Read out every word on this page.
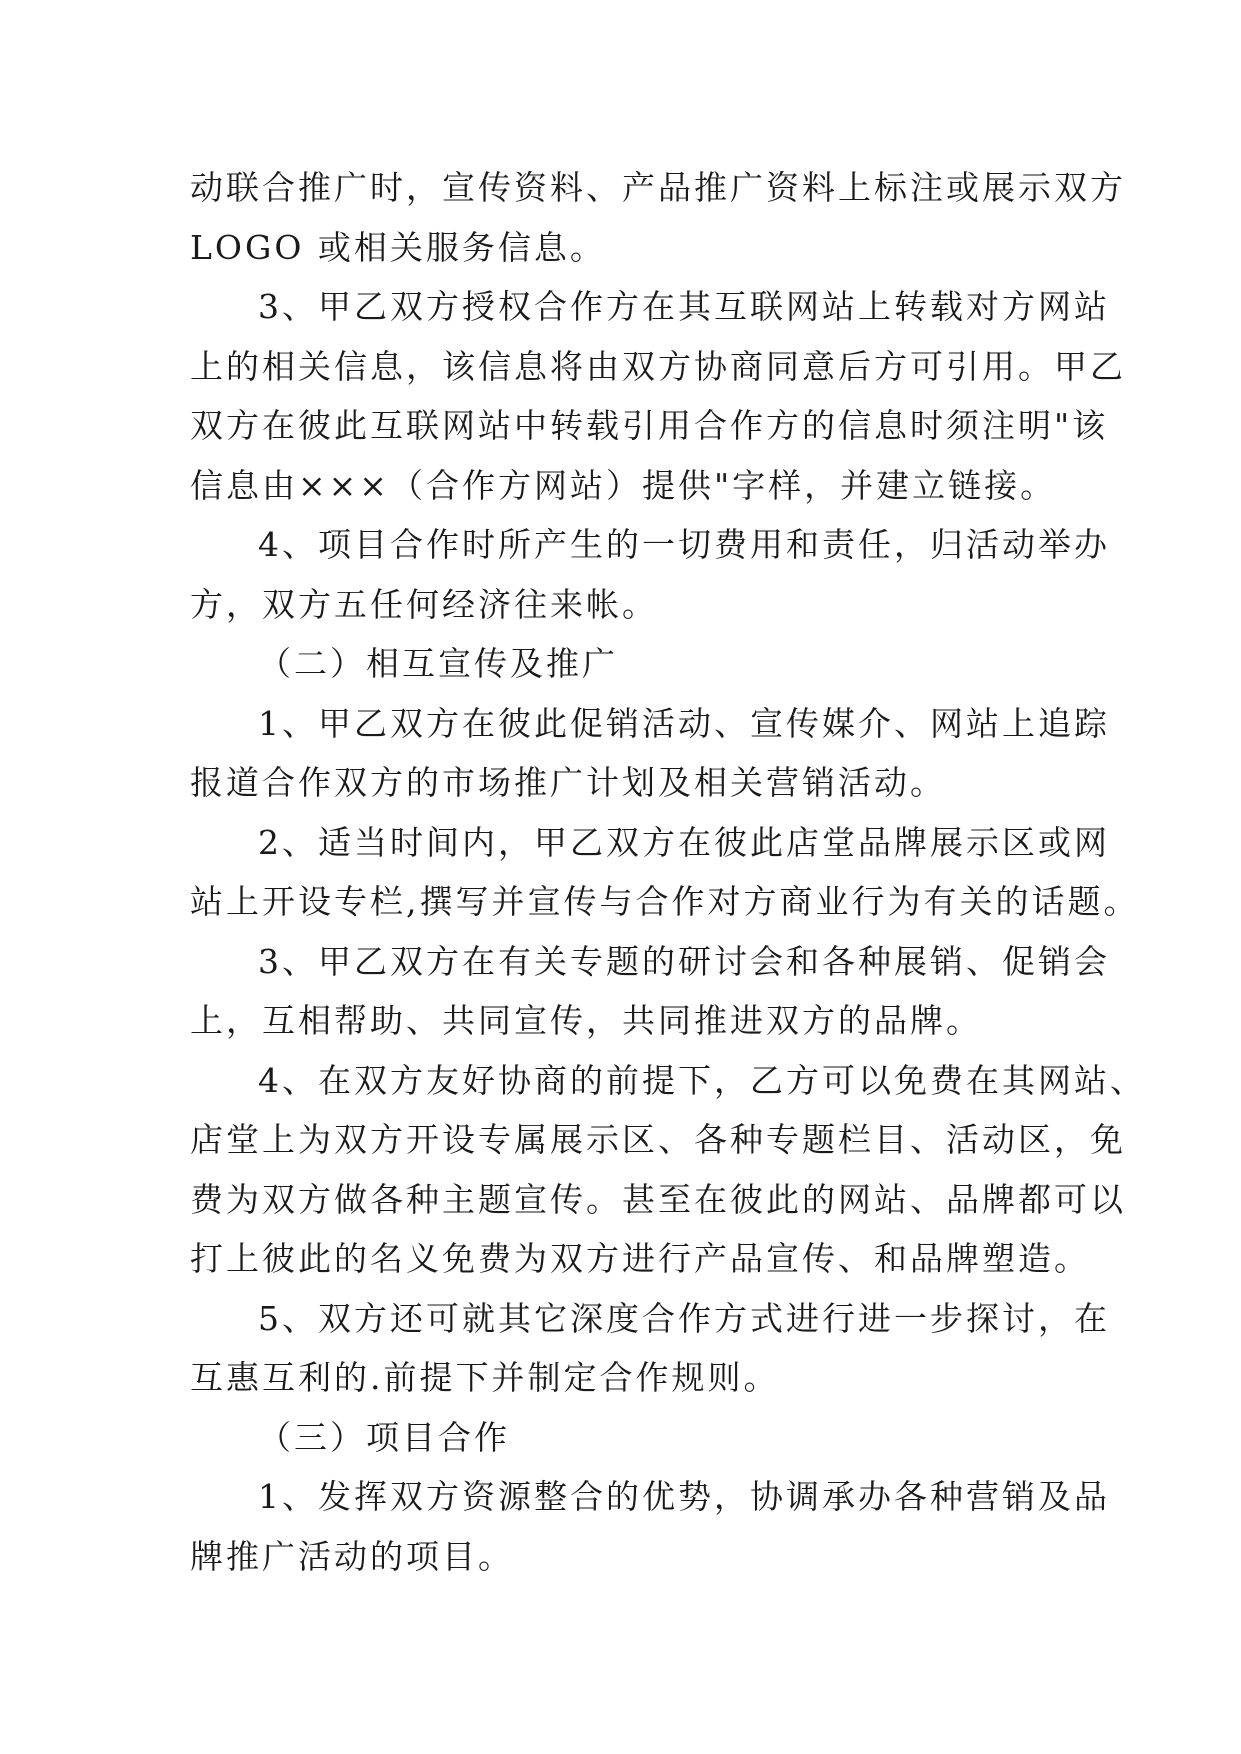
动联合推广时，宣传资料、产品推广资料上标注或展示双方
LOGO 或相关服务信息。
3、甲乙双方授权合作方在其互联网站上转载对方网站
上的相关信息，该信息将由双方协商同意后方可引用。甲乙
双方在彼此互联网站中转载引用合作方的信息时须注明"该
信息由×××（合作方网站）提供"字样，并建立链接。
4、项目合作时所产生的一切费用和责任，归活动举办
方，双方五任何经济往来帐。
（二）相互宣传及推广
1、甲乙双方在彼此促销活动、宣传媒介、网站上追踪
报道合作双方的市场推广计划及相关营销活动。
2、适当时间内，甲乙双方在彼此店堂品牌展示区或网
站上开设专栏,撰写并宣传与合作对方商业行为有关的话题。
3、甲乙双方在有关专题的研讨会和各种展销、促销会
上，互相帮助、共同宣传，共同推进双方的品牌。
4、在双方友好协商的前提下，乙方可以免费在其网站、
店堂上为双方开设专属展示区、各种专题栏目、活动区，免
费为双方做各种主题宣传。甚至在彼此的网站、品牌都可以
打上彼此的名义免费为双方进行产品宣传、和品牌塑造。
5、双方还可就其它深度合作方式进行进一步探讨，在
互惠互利的.前提下并制定合作规则。
（三）项目合作
1、发挥双方资源整合的优势，协调承办各种营销及品
牌推广活动的项目。
